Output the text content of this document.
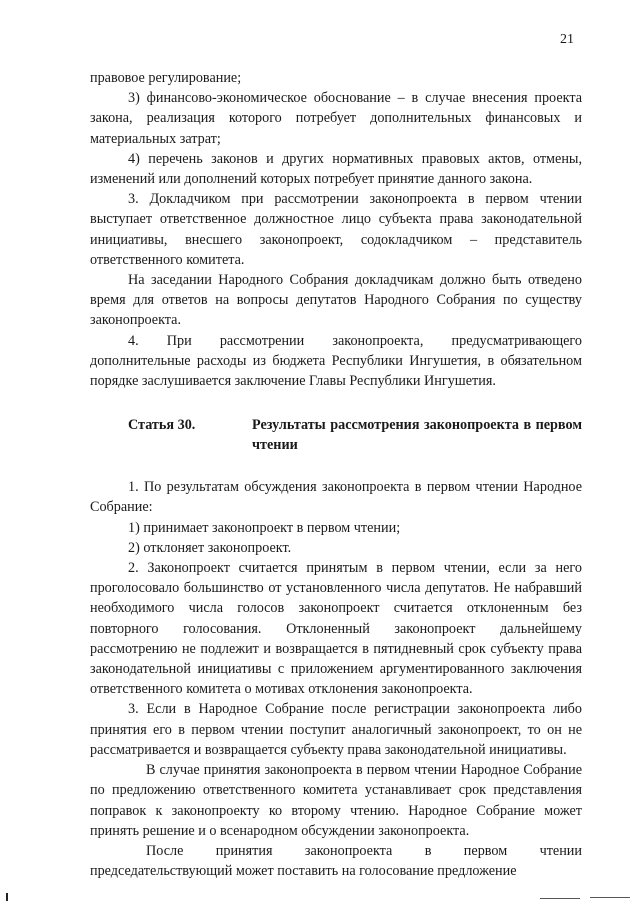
21

правовое регулирование;

3) финансово-экономическое обоснование – в случае внесения проекта закона, реализация которого потребует дополнительных финансовых и материальных затрат;

4) перечень законов и других нормативных правовых актов, отмены, изменений или дополнений которых потребует принятие данного закона.

3. Докладчиком при рассмотрении законопроекта в первом чтении выступает ответственное должностное лицо субъекта права законодательной инициативы, внесшего законопроект, содокладчиком – представитель ответственного комитета.

На заседании Народного Собрания докладчикам должно быть отведено время для ответов на вопросы депутатов Народного Собрания по существу законопроекта.

4. При рассмотрении законопроекта, предусматривающего дополнительные расходы из бюджета Республики Ингушетия, в обязательном порядке заслушивается заключение Главы Республики Ингушетия.

Статья 30.	Результаты рассмотрения законопроекта в первом чтении

1. По результатам обсуждения законопроекта в первом чтении Народное Собрание:

1) принимает законопроект в первом чтении;

2) отклоняет законопроект.

2. Законопроект считается принятым в первом чтении, если за него проголосовало большинство от установленного числа депутатов. Не набравший необходимого числа голосов законопроект считается отклоненным без повторного голосования. Отклоненный законопроект дальнейшему рассмотрению не подлежит и возвращается в пятидневный срок субъекту права законодательной инициативы с приложением аргументированного заключения ответственного комитета о мотивах отклонения законопроекта.

3. Если в Народное Собрание после регистрации законопроекта либо принятия его в первом чтении поступит аналогичный законопроект, то он не рассматривается и возвращается субъекту права законодательной инициативы.

В случае принятия законопроекта в первом чтении Народное Собрание по предложению ответственного комитета устанавливает срок представления поправок к законопроекту ко второму чтению. Народное Собрание может принять решение и о всенародном обсуждении законопроекта.

После принятия законопроекта в первом чтении председательствующий может поставить на голосование предложение
